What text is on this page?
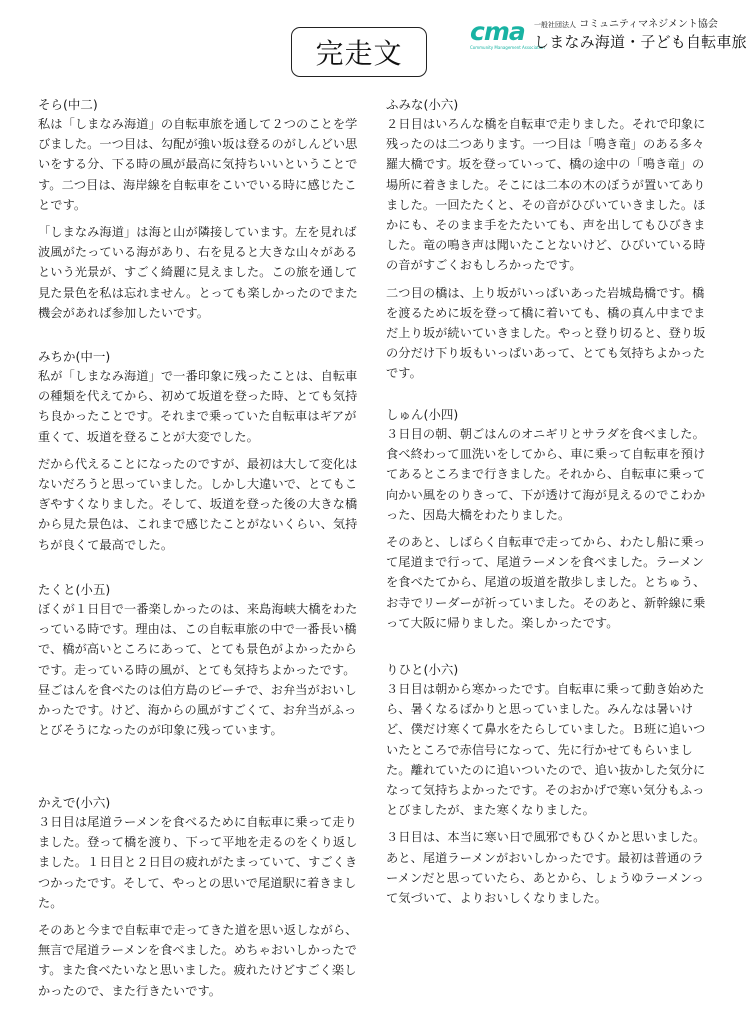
完走文
cma
Community Management Association
一般社団法人 コミュニティマネジメント協会
しまなみ海道・子ども自転車旅
そら(中二)

私は「しまなみ海道」の自転車旅を通して２つのことを学びました。一つ目は、勾配が強い坂は登るのがしんどい思いをする分、下る時の風が最高に気持ちいいということです。二つ目は、海岸線を自転車をこいでいる時に感じたことです。

「しまなみ海道」は海と山が隣接しています。左を見れば波風がたっている海があり、右を見ると大きな山々があるという光景が、すごく綺麗に見えました。この旅を通して見た景色を私は忘れません。とっても楽しかったのでまた機会があれば参加したいです。

みちか(中一)

私が「しまなみ海道」で一番印象に残ったことは、自転車の種類を代えてから、初めて坂道を登った時、とても気持ち良かったことです。それまで乗っていた自転車はギアが重くて、坂道を登ることが大変でした。

だから代えることになったのですが、最初は大して変化はないだろうと思っていました。しかし大違いで、とてもこぎやすくなりました。そして、坂道を登った後の大きな橋から見た景色は、これまで感じたことがないくらい、気持ちが良くて最高でした。

たくと(小五)

ぼくが１日目で一番楽しかったのは、来島海峡大橋をわたっている時です。理由は、この自転車旅の中で一番長い橋で、橋が高いところにあって、とても景色がよかったからです。走っている時の風が、とても気持ちよかったです。昼ごはんを食べたのは伯方島のビーチで、お弁当がおいしかったです。けど、海からの風がすごくて、お弁当がふっとびそうになったのが印象に残っています。

かえで(小六)

３日目は尾道ラーメンを食べるために自転車に乗って走りました。登って橋を渡り、下って平地を走るのをくり返しました。１日目と２日目の疲れがたまっていて、すごくきつかったです。そして、やっとの思いで尾道駅に着きました。

そのあと今まで自転車で走ってきた道を思い返しながら、無言で尾道ラーメンを食べました。めちゃおいしかったです。また食べたいなと思いました。疲れたけどすごく楽しかったので、また行きたいです。

ふみな(小六)

２日目はいろんな橋を自転車で走りました。それで印象に残ったのは二つあります。一つ目は「鳴き竜」のある多々羅大橋です。坂を登っていって、橋の途中の「鳴き竜」の場所に着きました。そこには二本の木のぼうが置いてありました。一回たたくと、その音がひびいていきました。ほかにも、そのまま手をたたいても、声を出してもひびきました。竜の鳴き声は聞いたことないけど、ひびいている時の音がすごくおもしろかったです。

二つ目の橋は、上り坂がいっぱいあった岩城島橋です。橋を渡るために坂を登って橋に着いても、橋の真ん中までまだ上り坂が続いていきました。やっと登り切ると、登り坂の分だけ下り坂もいっぱいあって、とても気持ちよかったです。

しゅん(小四)

３日目の朝、朝ごはんのオニギリとサラダを食べました。食べ終わって皿洗いをしてから、車に乗って自転車を預けてあるところまで行きました。それから、自転車に乗って向かい風をのりきって、下が透けて海が見えるのでこわかった、因島大橋をわたりました。

そのあと、しばらく自転車で走ってから、わたし船に乗って尾道まで行って、尾道ラーメンを食べました。ラーメンを食べたてから、尾道の坂道を散歩しました。とちゅう、お寺でリーダーが祈っていました。そのあと、新幹線に乗って大阪に帰りました。楽しかったです。

りひと(小六)

３日目は朝から寒かったです。自転車に乗って動き始めたら、暑くなるばかりと思っていました。みんなは暑いけど、僕だけ寒くて鼻水をたらしていました。Ｂ班に追いついたところで赤信号になって、先に行かせてもらいました。離れていたのに追いついたので、追い抜かした気分になって気持ちよかったです。そのおかげで寒い気分もふっとびましたが、また寒くなりました。

３日目は、本当に寒い日で風邪でもひくかと思いました。あと、尾道ラーメンがおいしかったです。最初は普通のラーメンだと思っていたら、あとから、しょうゆラーメンって気づいて、よりおいしくなりました。
